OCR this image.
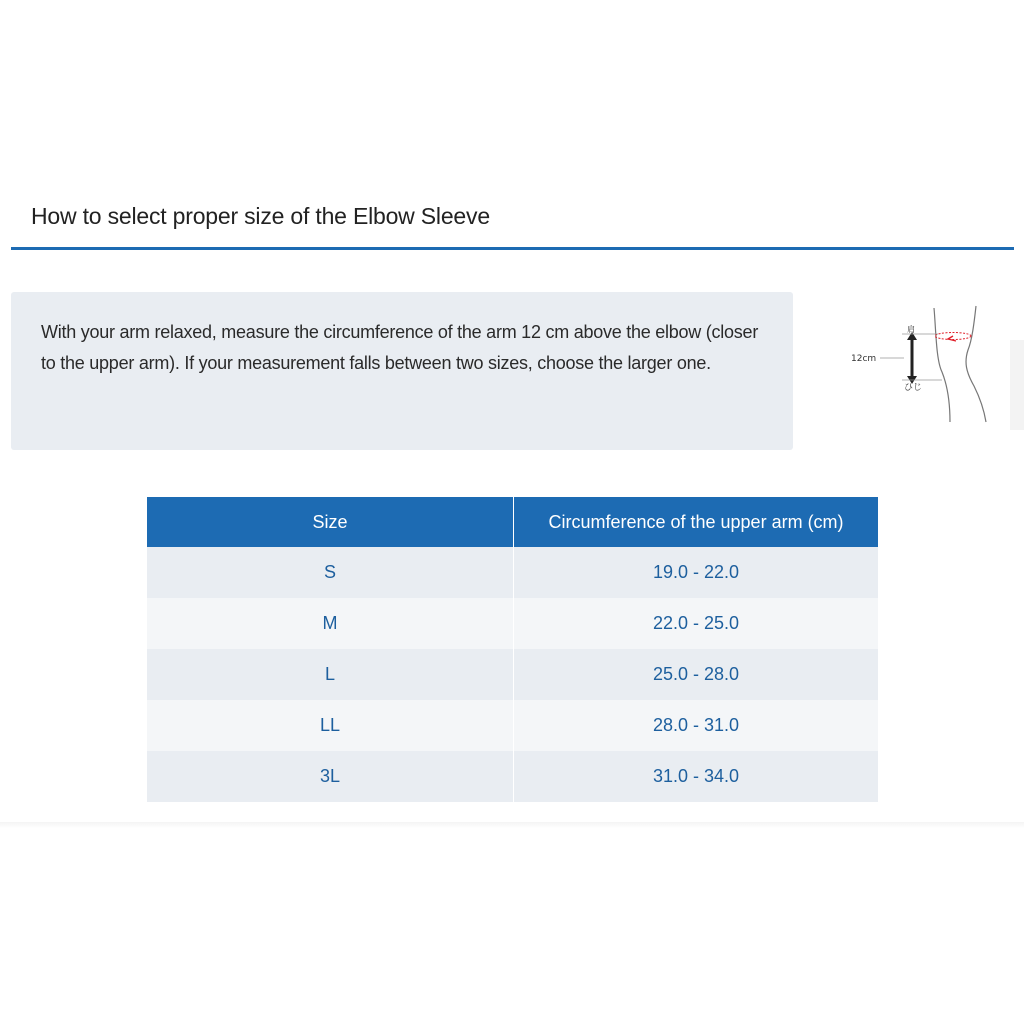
How to select proper size of the Elbow Sleeve

With your arm relaxed, measure the circumference of the arm 12 cm above the elbow (closer to the upper arm). If your measurement falls between two sizes, choose the larger one.	12cm
肩
ひじ
Size	Circumference of the upper arm (cm)
S	19.0 - 22.0
M	22.0 - 25.0
L	25.0 - 28.0
LL	28.0 - 31.0
3L	31.0 - 34.0
